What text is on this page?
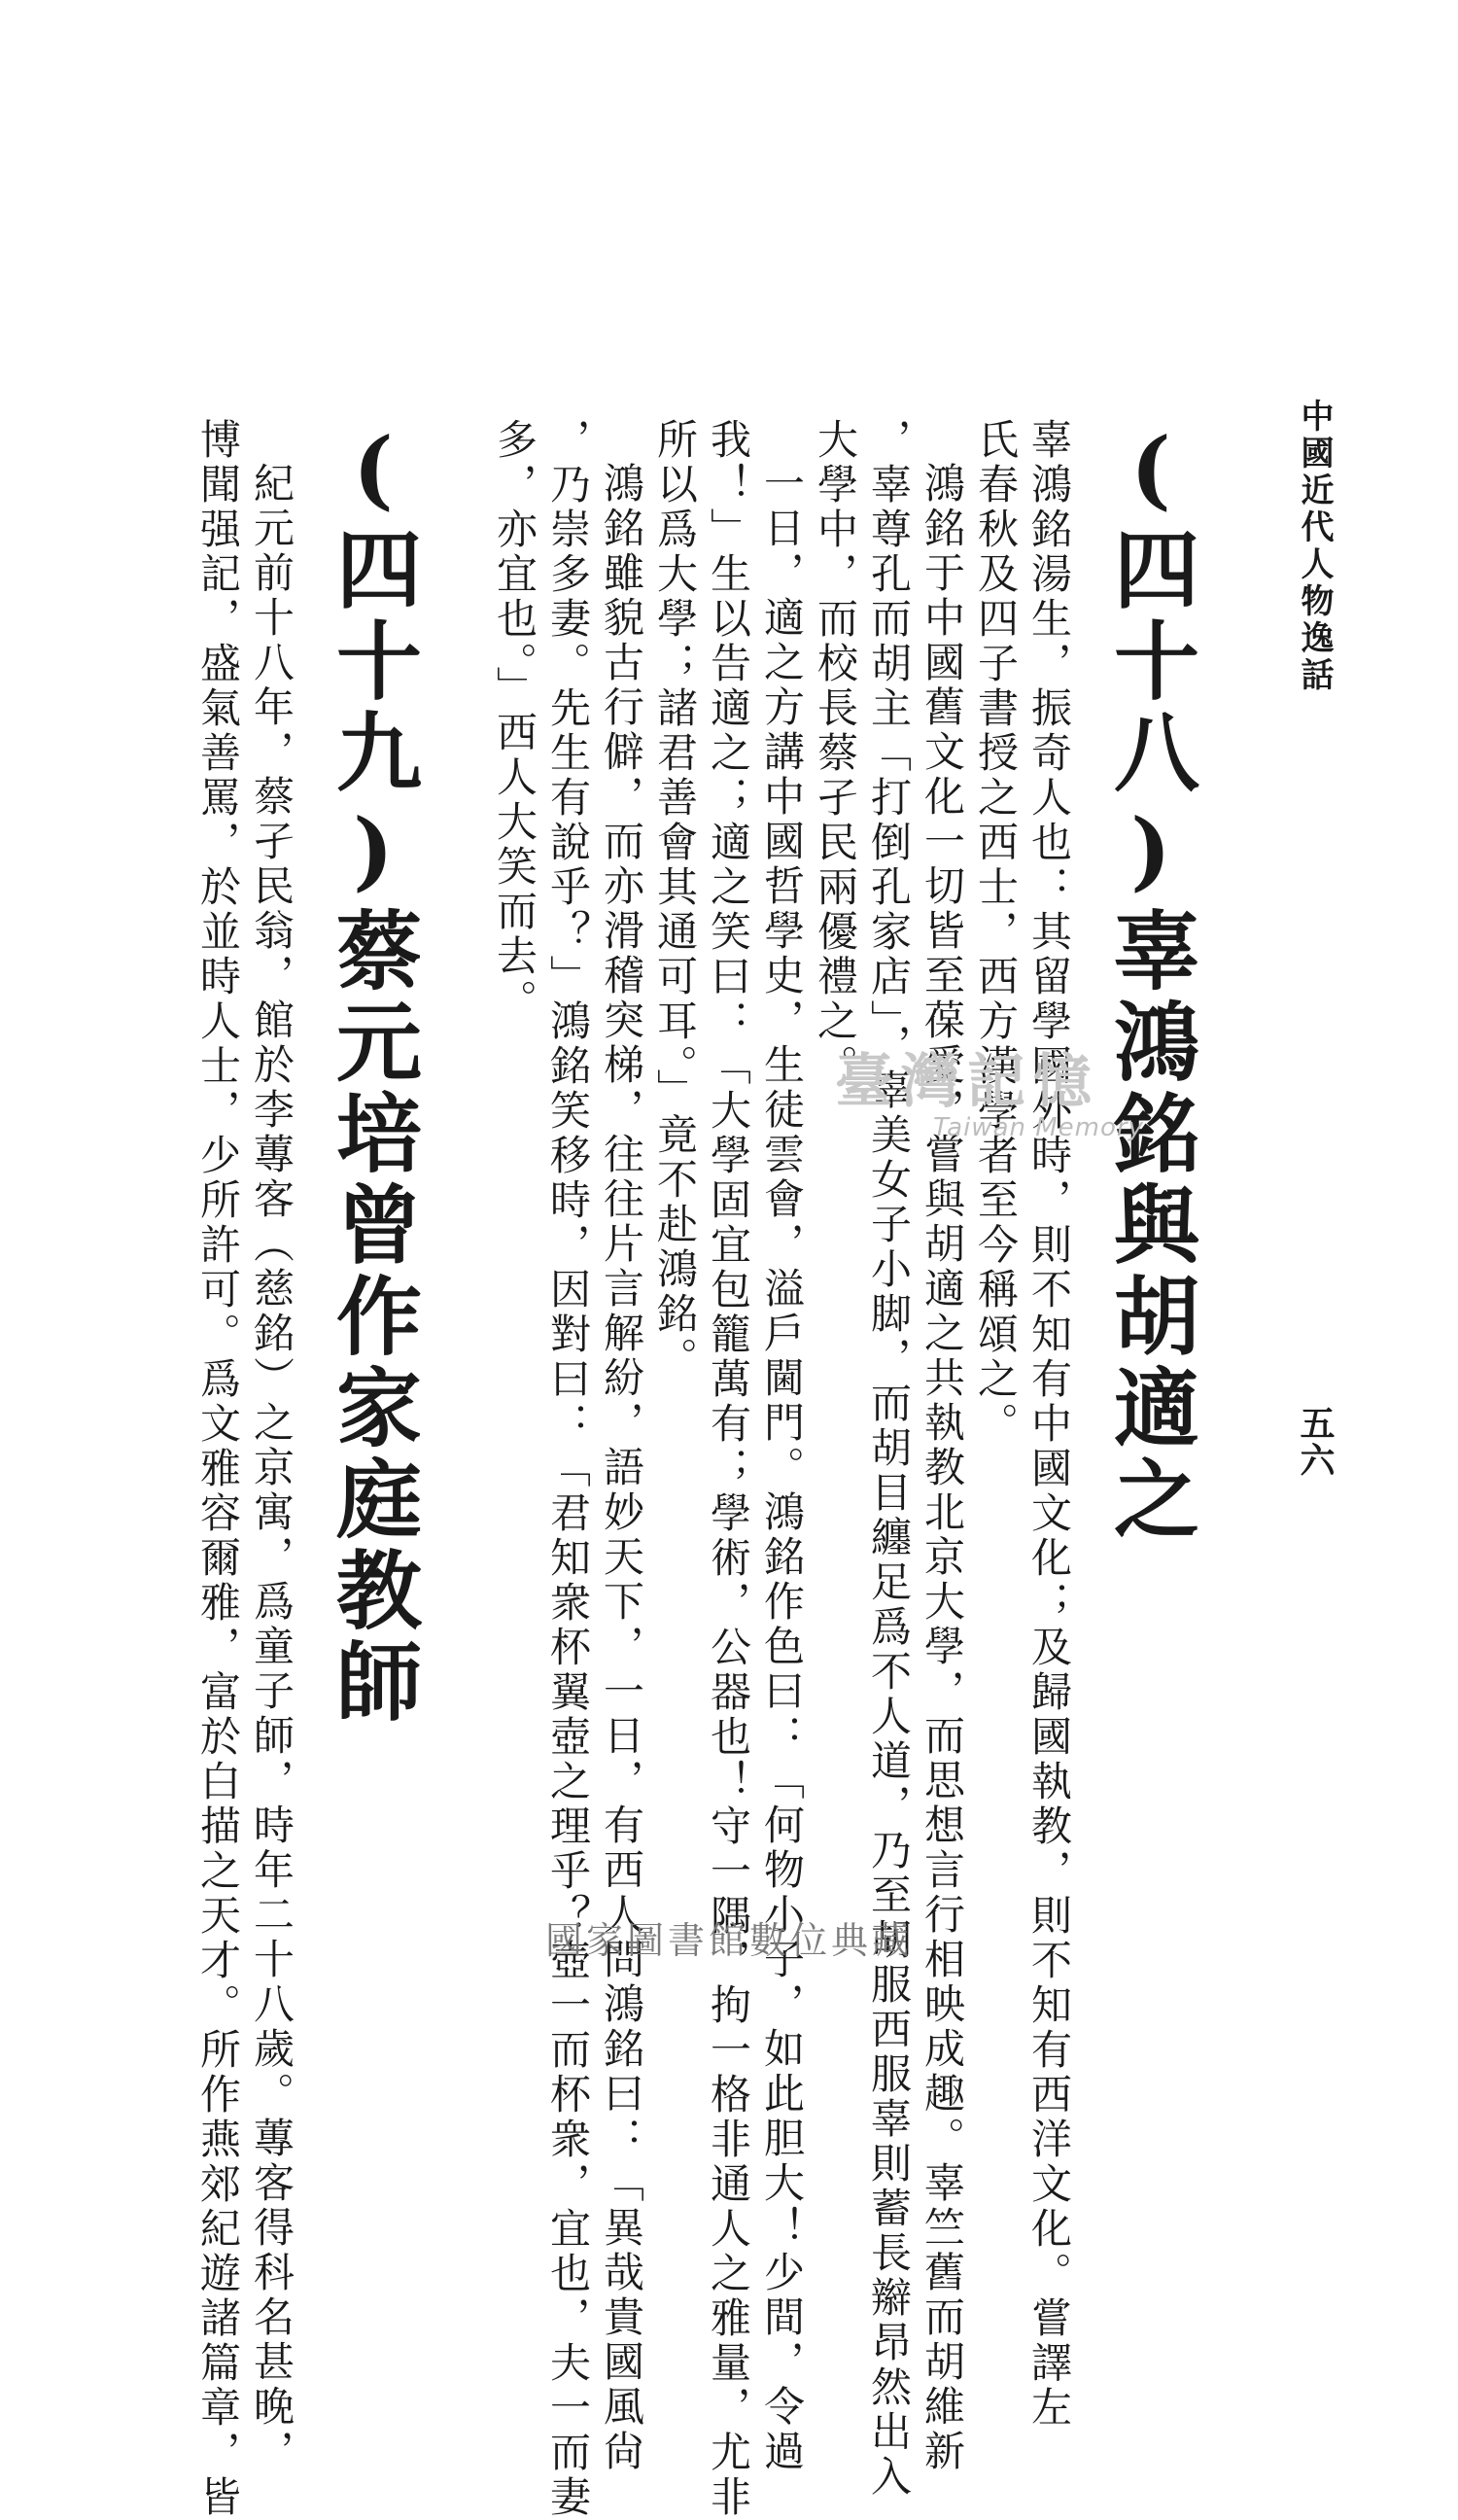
中國近代人物逸話
五六
(四十八)辜鴻銘與胡適之
辜鴻銘湯生，振奇人也：其留學國外時，則不知有中國文化；及歸國執教，則不知有西洋文化。嘗譯左
氏春秋及四子書授之西士，西方漢學者至今稱頌之。
鴻銘于中國舊文化一切皆至葆愛，嘗與胡適之共執教北京大學，而思想言行相映成趣。辜竺舊而胡維新
，辜尊孔而胡主「打倒孔家店」，辜美女子小脚，而胡目纏足爲不人道，乃至胡服西服辜則蓄長辮昂然出入
大學中，而校長蔡孑民兩優禮之。
一日，適之方講中國哲學史，生徒雲會，溢戶閫門。鴻銘作色曰：「何物小子，如此胆大！少間，令過
我！」生以告適之；適之笑曰：「大學固宜包籠萬有；學術，公器也！守一隅，拘一格非通人之雅量，尤非
所以爲大學；諸君善會其通可耳。」竟不赴鴻銘。
鴻銘雖貌古行僻，而亦滑稽突梯，往往片言解紛，語妙天下，一日，有西人問鴻銘曰：「異哉貴國風尙
，乃崇多妻。先生有說乎？」鴻銘笑移時，因對曰：「君知衆杯翼壺之理乎？壺一而杯衆，宜也，夫一而妻
多，亦宜也。」西人大笑而去。
(四十九)蔡元培曾作家庭教師
紀元前十八年，蔡孑民翁，館於李蓴客（慈銘）之京寓，爲童子師，時年二十八歲。蓴客得科名甚晚，
博聞强記，盛氣善罵，於並時人士，少所許可。爲文雅容爾雅，富於白描之天才。所作燕郊紀遊諸篇章，皆	臺灣記憶
Taiwan Memory
國家圖書館數位典藏
